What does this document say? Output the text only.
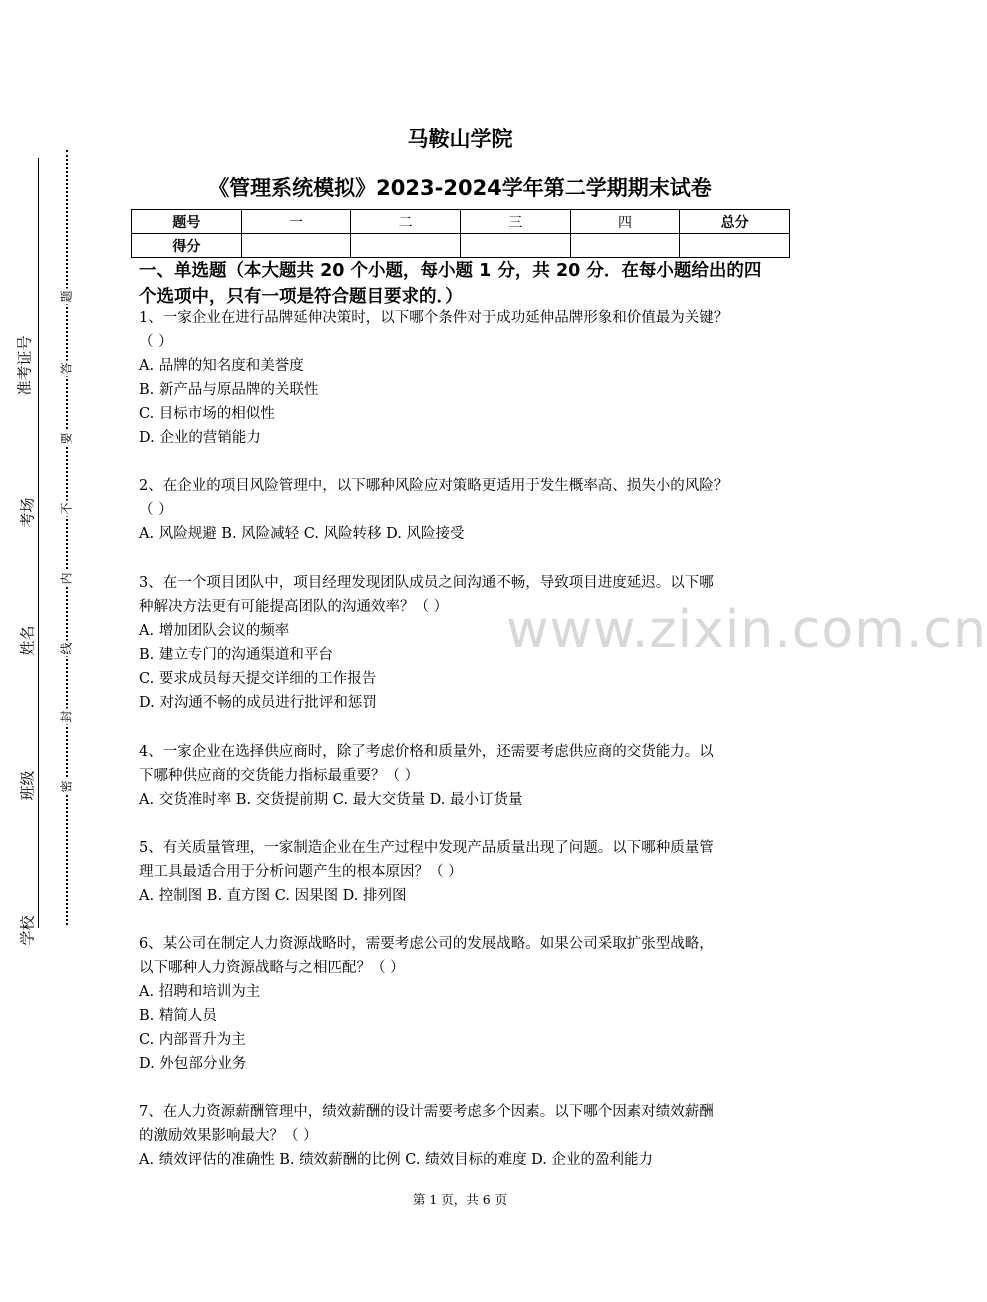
准考证号
考场
姓名
班级
学校
题
答
要
不
内
线
封
密
www.zixin.com.cn
马鞍山学院
《管理系统模拟》2023-2024学年第二学期期末试卷
题号	一	二	三	四	总分
得分					
一、单选题（本大题共 20 个小题，每小题 1 分，共 20 分．在每小题给出的四
个选项中，只有一项是符合题目要求的．）
1、一家企业在进行品牌延伸决策时，以下哪个条件对于成功延伸品牌形象和价值最为关键？
（ ）
A. 品牌的知名度和美誉度
B. 新产品与原品牌的关联性
C. 目标市场的相似性
D. 企业的营销能力
2、在企业的项目风险管理中，以下哪种风险应对策略更适用于发生概率高、损失小的风险？
（ ）
A. 风险规避 B. 风险减轻 C. 风险转移 D. 风险接受
3、在一个项目团队中，项目经理发现团队成员之间沟通不畅，导致项目进度延迟。以下哪
种解决方法更有可能提高团队的沟通效率？（ ）
A. 增加团队会议的频率
B. 建立专门的沟通渠道和平台
C. 要求成员每天提交详细的工作报告
D. 对沟通不畅的成员进行批评和惩罚
4、一家企业在选择供应商时，除了考虑价格和质量外，还需要考虑供应商的交货能力。以
下哪种供应商的交货能力指标最重要？（ ）
A. 交货准时率 B. 交货提前期 C. 最大交货量 D. 最小订货量
5、有关质量管理，一家制造企业在生产过程中发现产品质量出现了问题。以下哪种质量管
理工具最适合用于分析问题产生的根本原因？（ ）
A. 控制图 B. 直方图 C. 因果图 D. 排列图
6、某公司在制定人力资源战略时，需要考虑公司的发展战略。如果公司采取扩张型战略，
以下哪种人力资源战略与之相匹配？（ ）
A. 招聘和培训为主
B. 精简人员
C. 内部晋升为主
D. 外包部分业务
7、在人力资源薪酬管理中，绩效薪酬的设计需要考虑多个因素。以下哪个因素对绩效薪酬
的激励效果影响最大？（ ）
A. 绩效评估的准确性 B. 绩效薪酬的比例 C. 绩效目标的难度 D. 企业的盈利能力
第 1 页，共 6 页
